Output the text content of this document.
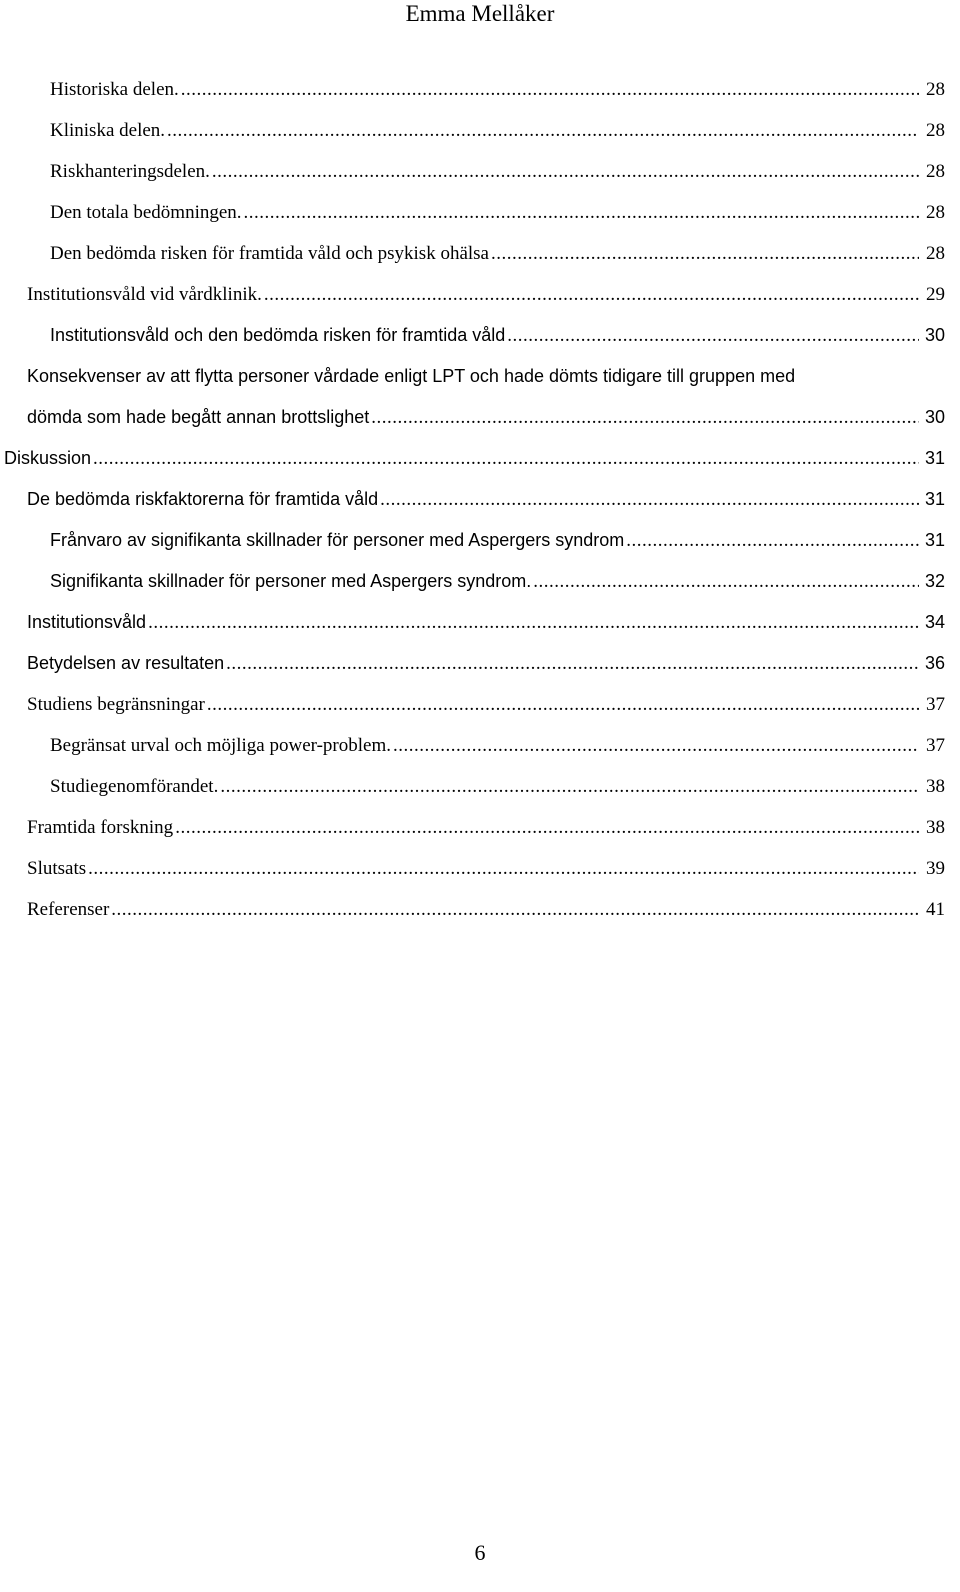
Emma Mellåker
Historiska delen. .....	28
Kliniska delen. .....	28
Riskhanteringsdelen. .....	28
Den totala bedömningen. .....	28
Den bedömda risken för framtida våld och psykisk ohälsa .....	28
Institutionsvåld vid vårdklinik. .....	29
Institutionsvåld och den bedömda risken för framtida våld .....	30
Konsekvenser av att flytta personer vårdade enligt LPT och hade dömts tidigare till gruppen med
dömda som hade begått annan brottslighet .....	30
Diskussion .....	31
De bedömda riskfaktorerna för framtida våld .....	31
Frånvaro av signifikanta skillnader för personer med Aspergers syndrom .....	31
Signifikanta skillnader för personer med Aspergers syndrom. .....	32
Institutionsvåld .....	34
Betydelsen av resultaten .....	36
Studiens begränsningar .....	37
Begränsat urval och möjliga power-problem. .....	37
Studiegenomförandet. .....	38
Framtida forskning .....	38
Slutsats .....	39
Referenser .....	41
6
